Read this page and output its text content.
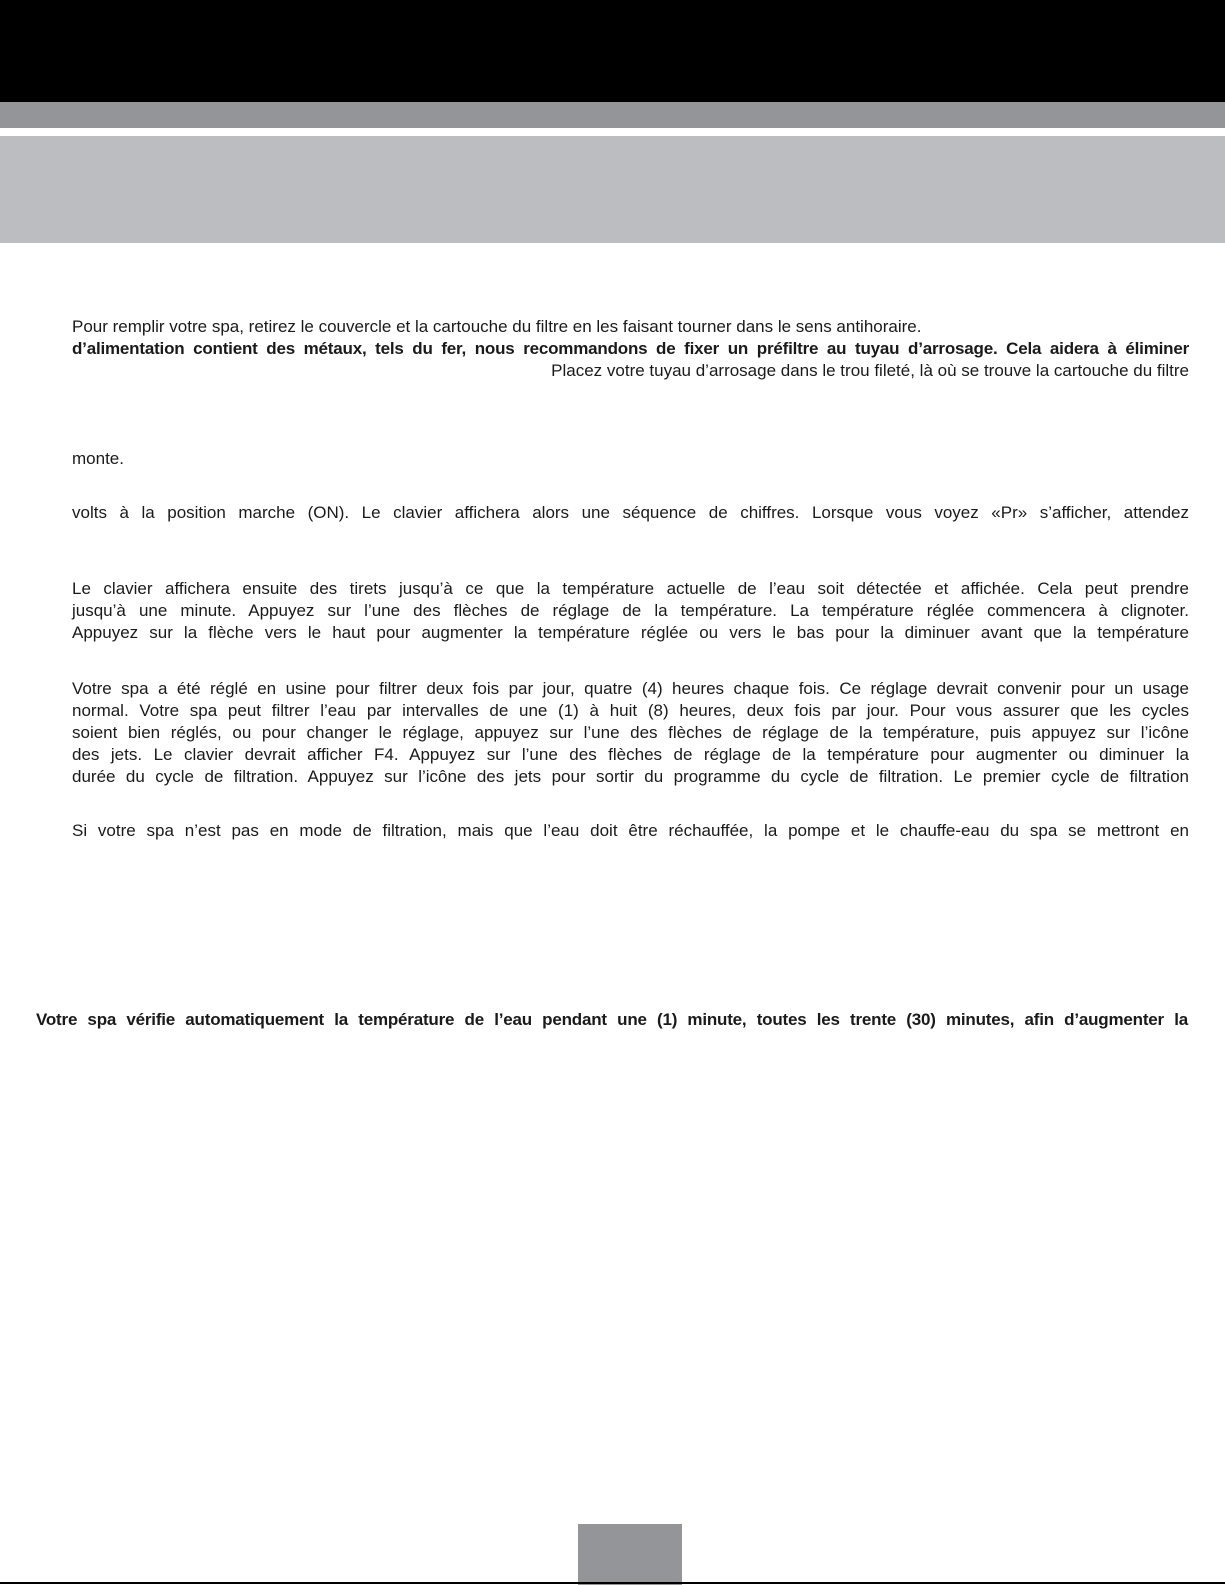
Pour remplir votre spa, retirez le couvercle et la cartouche du filtre en les faisant tourner dans le sens antihoraire.
d’alimentation contient des métaux, tels du fer, nous recommandons de fixer un préfiltre au tuyau d’arrosage. Cela aidera à éliminer
Placez votre tuyau d’arrosage dans le trou fileté, là où se trouve la cartouche du filtre
monte.
volts à la position marche (ON). Le clavier affichera alors une séquence de chiffres. Lorsque vous voyez «Pr» s’afficher, attendez
Le clavier affichera ensuite des tirets jusqu’à ce que la température actuelle de l’eau soit détectée et affichée. Cela peut prendre
jusqu’à une minute. Appuyez sur l’une des flèches de réglage de la température. La température réglée commencera à clignoter.
Appuyez sur la flèche vers le haut pour augmenter la température réglée ou vers le bas pour la diminuer avant que la température
Votre spa a été réglé en usine pour filtrer deux fois par jour, quatre (4) heures chaque fois. Ce réglage devrait convenir pour un usage
normal. Votre spa peut filtrer l’eau par intervalles de une (1) à huit (8) heures, deux fois par jour. Pour vous assurer que les cycles
soient bien réglés, ou pour changer le réglage, appuyez sur l’une des flèches de réglage de la température, puis appuyez sur l’icône
des jets. Le clavier devrait afficher F4. Appuyez sur l’une des flèches de réglage de la température pour augmenter ou diminuer la
durée du cycle de filtration. Appuyez sur l’icône des jets pour sortir du programme du cycle de filtration. Le premier cycle de filtration
Si votre spa n’est pas en mode de filtration, mais que l’eau doit être réchauffée, la pompe et le chauffe-eau du spa se mettront en
Votre spa vérifie automatiquement la température de l’eau pendant une (1) minute, toutes les trente (30) minutes, afin d’augmenter la
